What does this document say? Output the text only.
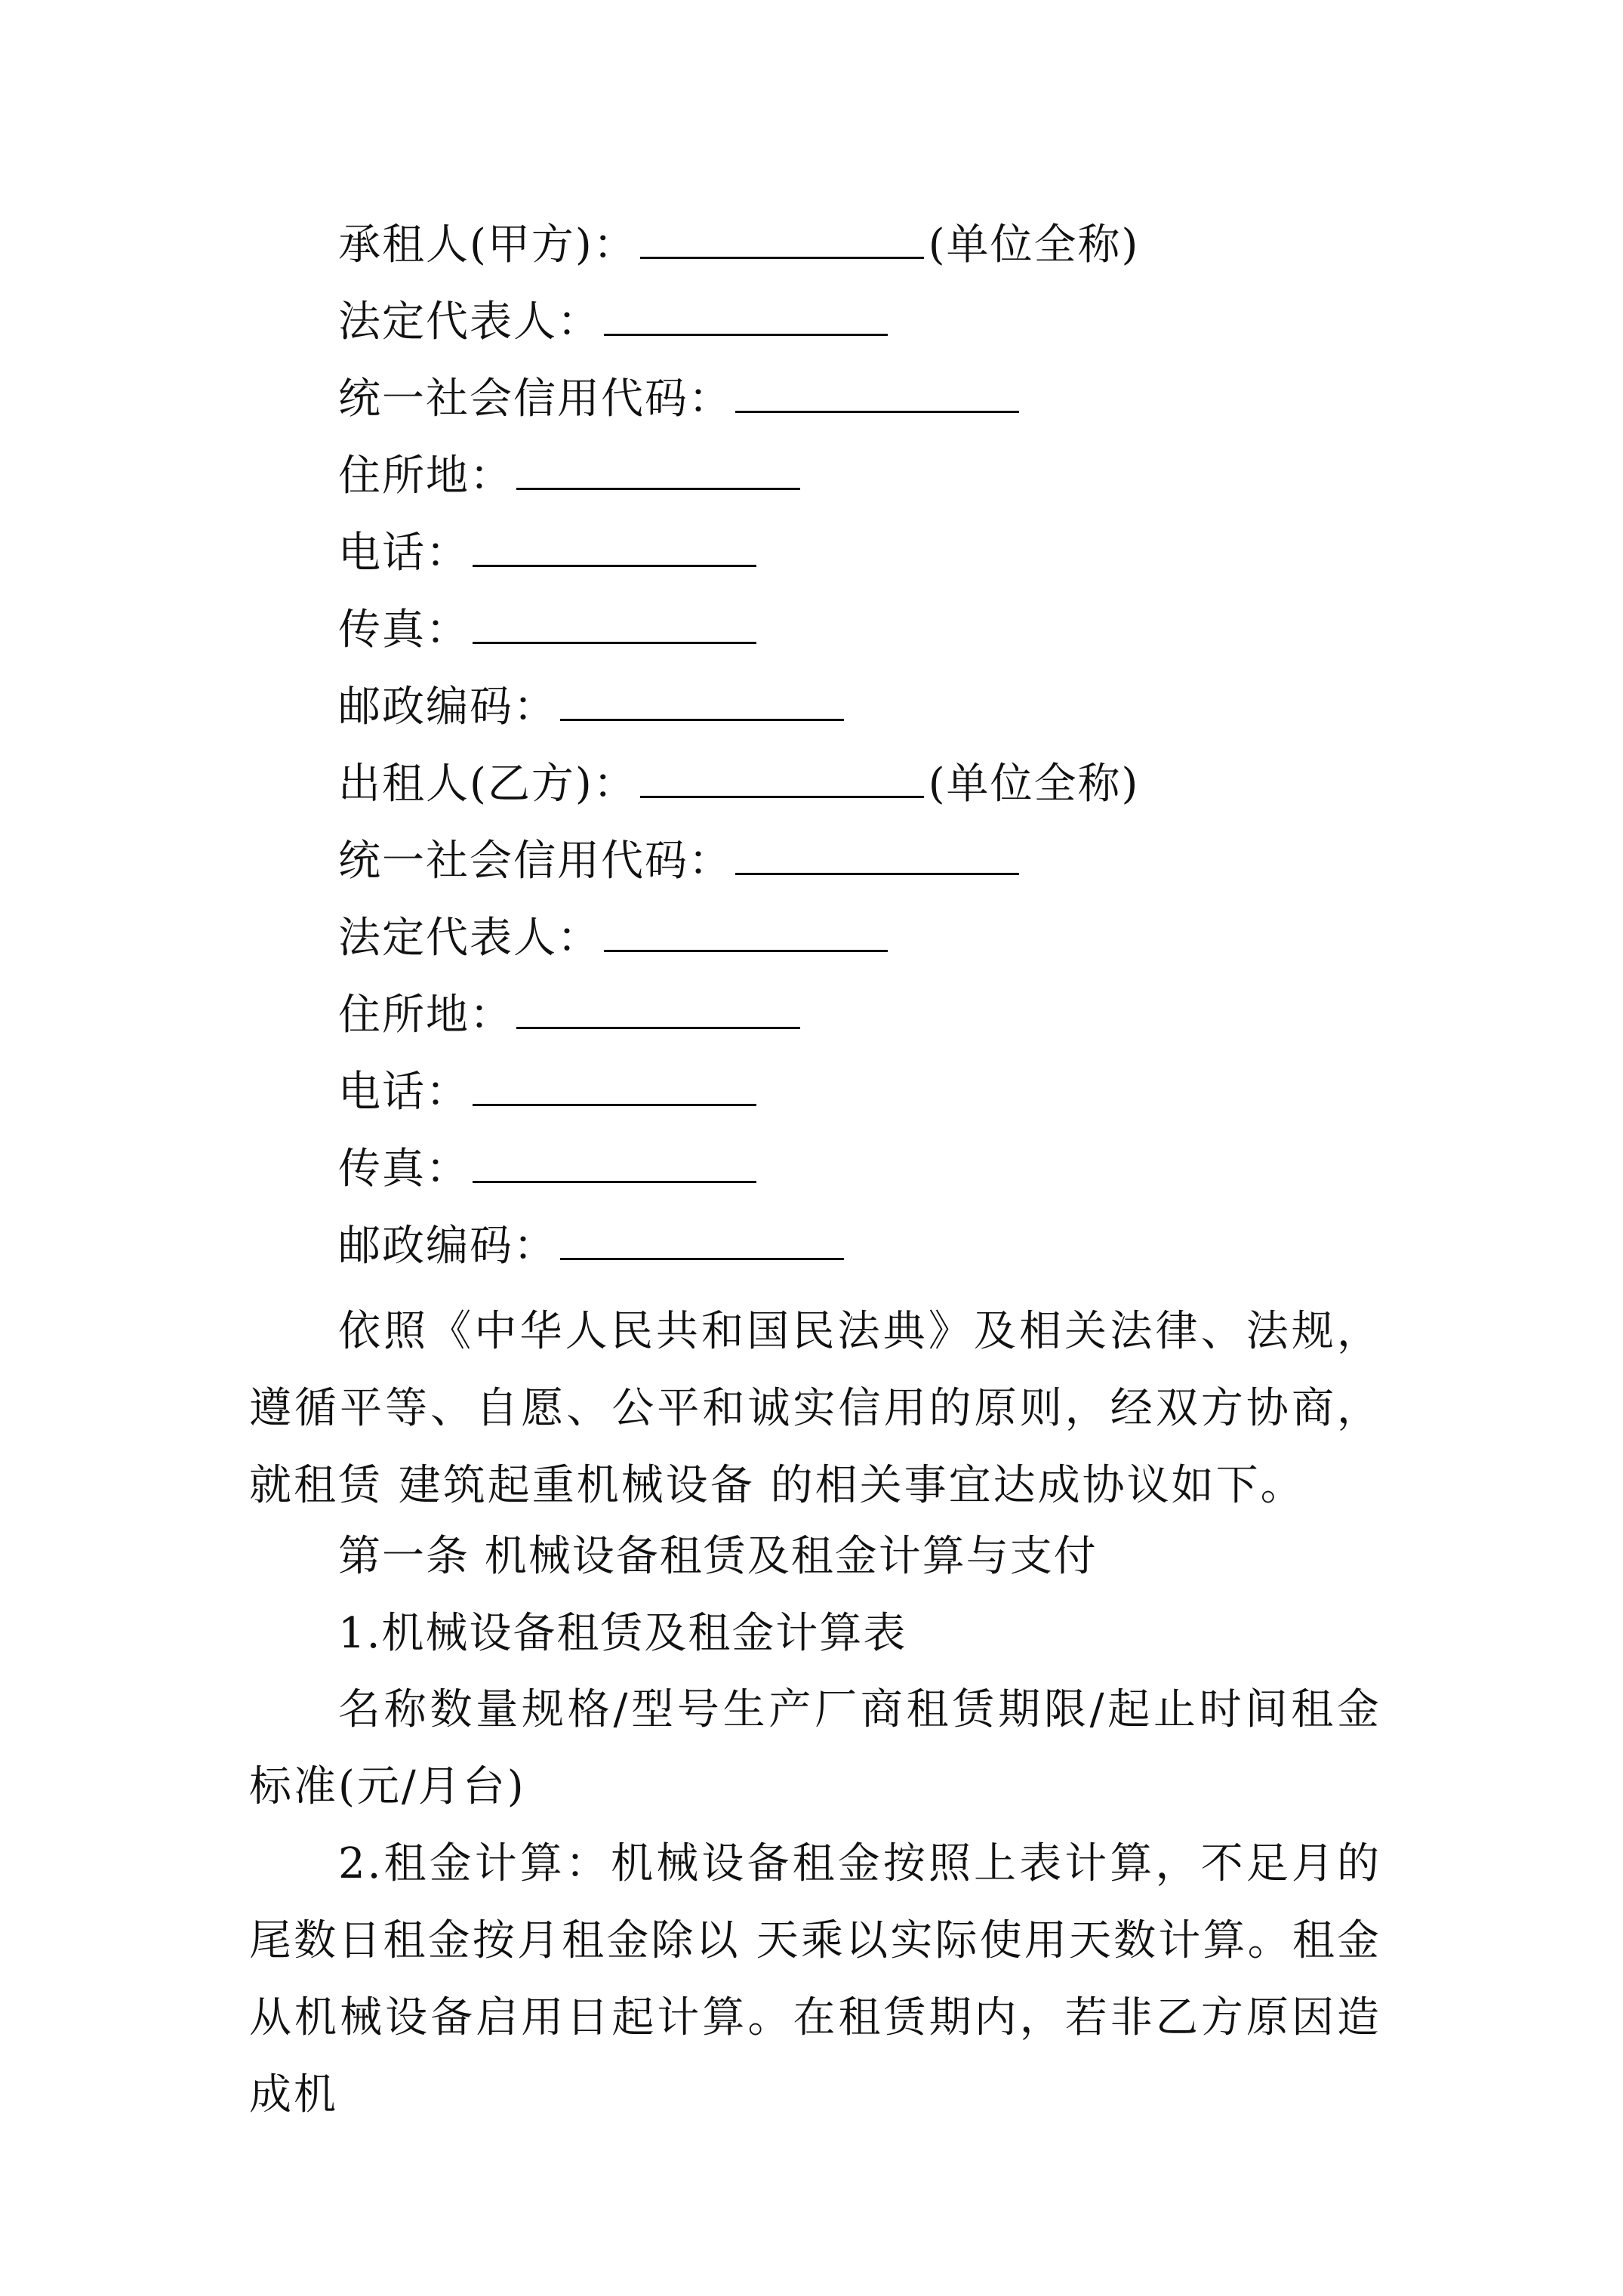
承租人(甲方)：	(单位全称)
法定代表人：
统一社会信用代码：
住所地：
电话：
传真：
邮政编码：
出租人(乙方)：	(单位全称)
统一社会信用代码：
法定代表人：
住所地：
电话：
传真：
邮政编码：

依照《中华人民共和国民法典》及相关法律、法规，遵循平等、自愿、公平和诚实信用的原则，经双方协商，就租赁 建筑起重机械设备 的相关事宜达成协议如下。

第一条 机械设备租赁及租金计算与支付

1.机械设备租赁及租金计算表

名称数量规格/型号生产厂商租赁期限/起止时间租金标准(元/月台)

2.租金计算：机械设备租金按照上表计算，不足月的尾数日租金按月租金除以 天乘以实际使用天数计算。租金从机械设备启用日起计算。在租赁期内，若非乙方原因造成机
